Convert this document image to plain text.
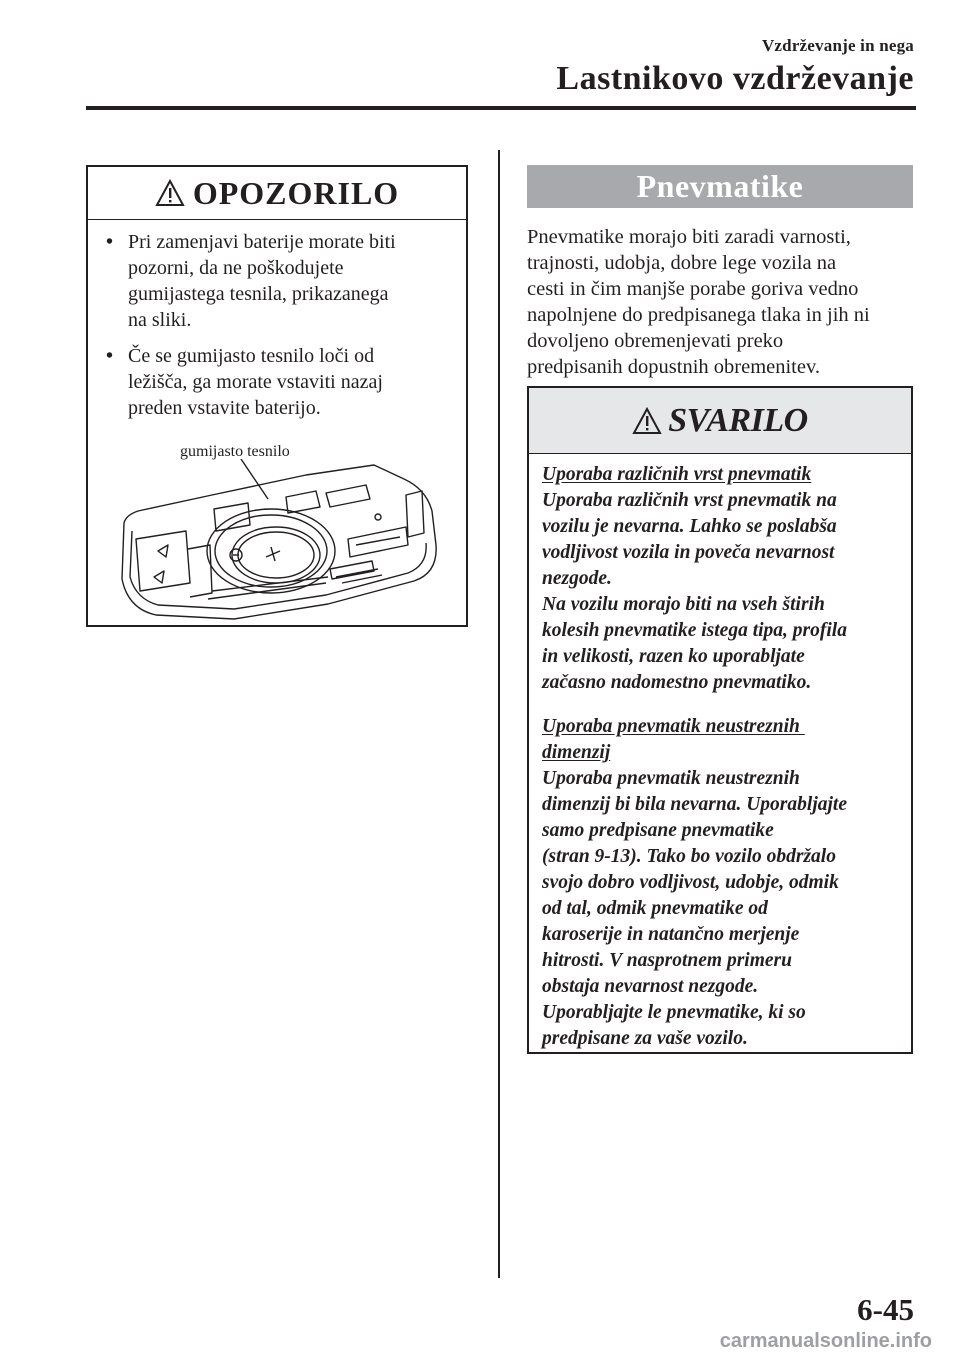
Vzdrževanje in nega
Lastnikovo vzdrževanje
OPOZORILO
• Pri zamenjavi baterije morate biti
pozorni, da ne poškodujete
gumijastega tesnila, prikazanega
na sliki.
• Če se gumijasto tesnilo loči od
ležišča, ga morate vstaviti nazaj
preden vstavite baterijo.
gumijasto tesnilo
Pnevmatike
Pnevmatike morajo biti zaradi varnosti,
trajnosti, udobja, dobre lege vozila na
cesti in čim manjše porabe goriva vedno
napolnjene do predpisanega tlaka in jih ni
dovoljeno obremenjevati preko
predpisanih dopustnih obremenitev.
SVARILO
Uporaba različnih vrst pnevmatik
Uporaba različnih vrst pnevmatik na
vozilu je nevarna. Lahko se poslabša
vodljivost vozila in poveča nevarnost
nezgode.
Na vozilu morajo biti na vseh štirih
kolesih pnevmatike istega tipa, profila
in velikosti, razen ko uporabljate
začasno nadomestno pnevmatiko.
Uporaba pnevmatik neustreznih
dimenzij
Uporaba pnevmatik neustreznih
dimenzij bi bila nevarna. Uporabljajte
samo predpisane pnevmatike
(stran 9-13). Tako bo vozilo obdržalo
svojo dobro vodljivost, udobje, odmik
od tal, odmik pnevmatike od
karoserije in natančno merjenje
hitrosti. V nasprotnem primeru
obstaja nevarnost nezgode.
Uporabljajte le pnevmatike, ki so
predpisane za vaše vozilo.
6-45
carmanualsonline.info
